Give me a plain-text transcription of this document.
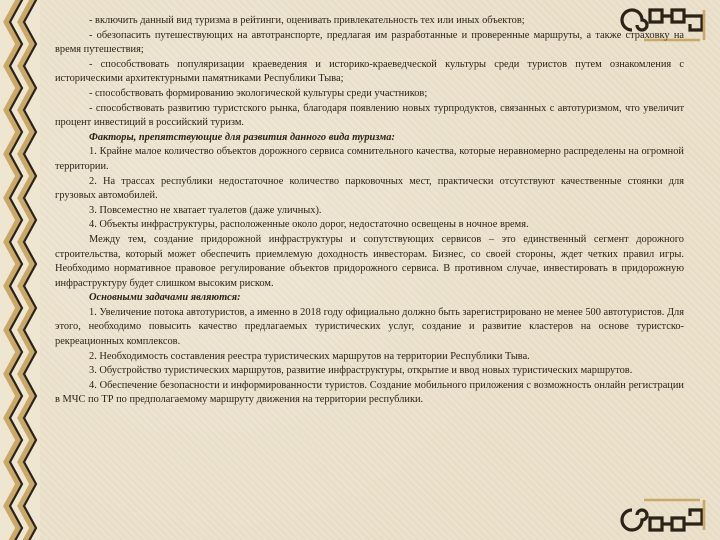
- включить данный вид туризма в рейтинги, оценивать привлекательность тех или иных объектов;

- обезопасить путешествующих на автотранспорте, предлагая им разработанные и проверенные маршруты, а также страховку на время путешествия;

- способствовать популяризации краеведения и историко-краеведческой культуры среди туристов путем ознакомления с историческими архитектурными памятниками Республики Тыва;

- способствовать формированию экологической культуры среди участников;

- способствовать развитию туристского рынка, благодаря появлению новых турпродуктов, связанных с автотуризмом, что увеличит процент инвестиций в российский туризм.

Факторы, препятствующие для развития данного вида туризма:

1. Крайне малое количество объектов дорожного сервиса сомнительного качества, которые неравномерно распределены на огромной территории.

2. На трассах республики недостаточное количество парковочных мест, практически отсутствуют качественные стоянки для грузовых автомобилей.

3. Повсеместно не хватает туалетов (даже уличных).

4. Объекты инфраструктуры, расположенные около дорог, недостаточно освещены в ночное время.

Между тем, создание придорожной инфраструктуры и сопутствующих сервисов – это единственный сегмент дорожного строительства, который может обеспечить приемлемую доходность инвесторам. Бизнес, со своей стороны, ждет четких правил игры. Необходимо нормативное правовое регулирование объектов придорожного сервиса. В противном случае, инвестировать в придорожную инфраструктуру будет слишком высоким риском.

Основными задачами являются:

1. Увеличение потока автотуристов, а именно в 2018 году официально должно быть зарегистрировано не менее 500 автотуристов. Для этого, необходимо повысить качество предлагаемых туристических услуг, создание и развитие кластеров на основе туристско-рекреационных комплексов.

2. Необходимость составления реестра туристических маршрутов на территории Республики Тыва.

3. Обустройство туристических маршрутов, развитие инфраструктуры, открытие и ввод новых туристических маршрутов.

4. Обеспечение безопасности и информированности туристов. Создание мобильного приложения с возможность онлайн регистрации в МЧС по ТР по предполагаемому маршруту движения на территории республики.
